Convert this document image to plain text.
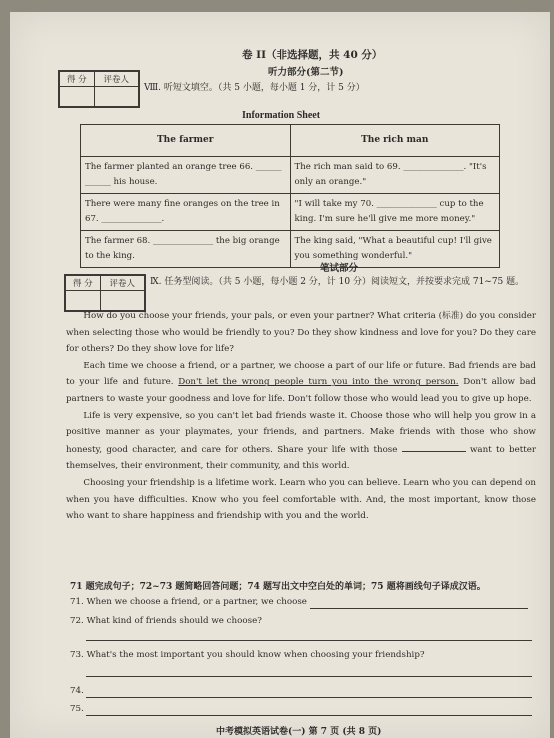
卷 II（非选择题，共 40 分）
听力部分(第二节)
得 分	评卷人

Ⅷ. 听短文填空。（共 5 小题，每小题 1 分，计 5 分）
Information Sheet
The farmer	The rich man
The farmer planted an orange tree 66. ______ ______ his house.	The rich man said to 69. ______________. "It's only an orange."
There were many fine oranges on the tree in 67. ______________.	"I will take my 70. ______________ cup to the king. I'm sure he'll give me more money."
The farmer 68. ______________ the big orange to the king.	The king said, "What a beautiful cup! I'll give you something wonderful."
笔试部分
得 分	评卷人
	Ⅸ. 任务型阅读。（共 5 小题，每小题 2 分，计 10 分）阅读短文，并按要求完成 71~75 题。

How do you choose your friends, your pals, or even your partner? What criteria (标准) do you consider when selecting those who would be friendly to you? Do they show kindness and love for you? Do they care for others? Do they show love for life?

Each time we choose a friend, or a partner, we choose a part of our life or future. Bad friends are bad to your life and future. Don't let the wrong people turn you into the wrong person. Don't allow bad partners to waste your goodness and love for life. Don't follow those who would lead you to give up hope.

Life is very expensive, so you can't let bad friends waste it. Choose those who will help you grow in a positive manner as your playmates, your friends, and partners. Make friends with those who show honesty, good character, and care for others. Share your life with those	want to better themselves, their environment, their community, and this world.

Choosing your friendship is a lifetime work. Learn who you can believe. Learn who you can depend on when you have difficulties. Know who you feel comfortable with. And, the most important, know those who want to share happiness and friendship with you and the world.

71 题完成句子；72~73 题简略回答问题；74 题写出文中空白处的单词；75 题将画线句子译成汉语。
71. When we choose a friend, or a partner, we choose
72. What kind of friends should we choose?
73. What's the most important you should know when choosing your friendship?
74.
75.
中考模拟英语试卷(一) 第 7 页 (共 8 页)
